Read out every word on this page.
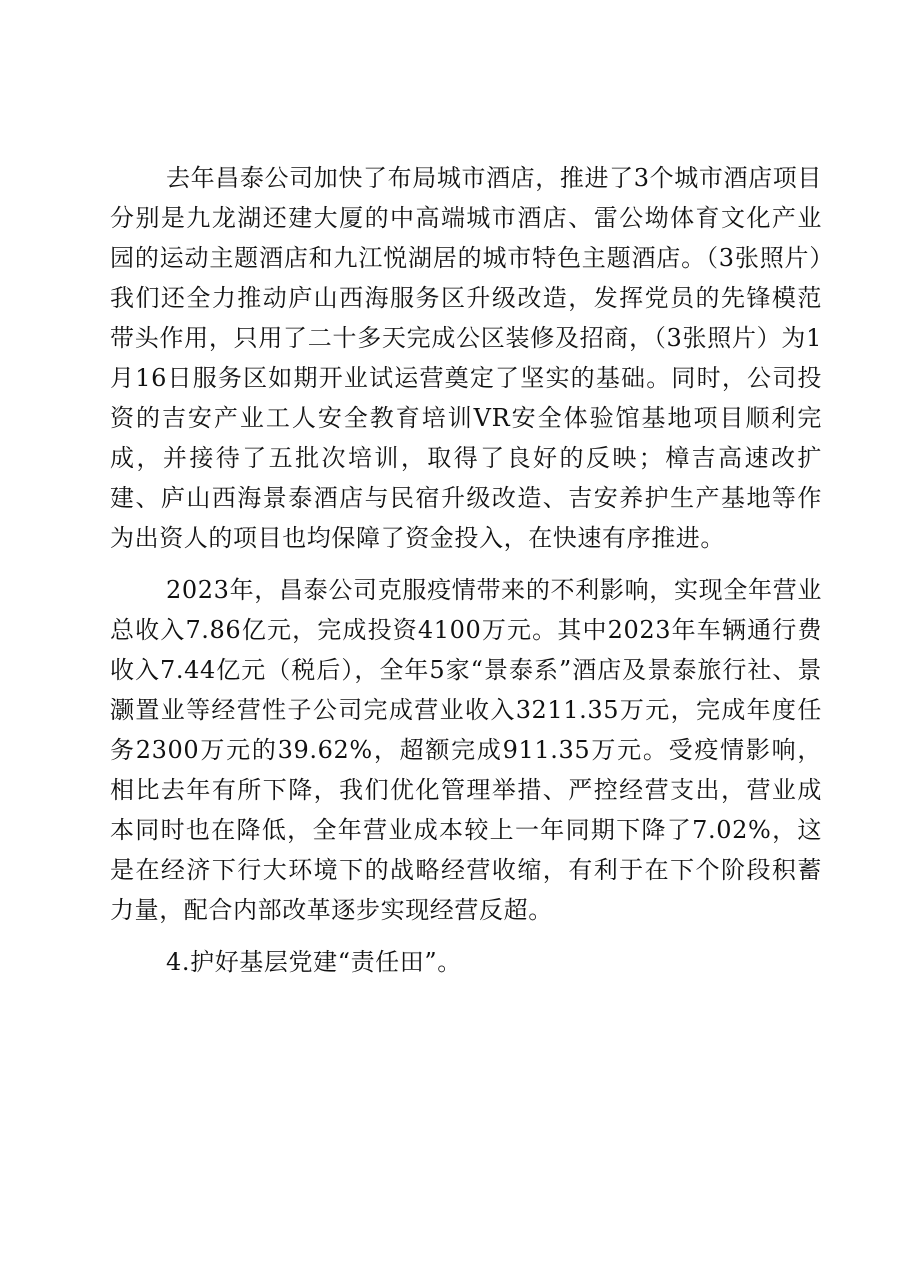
去年昌泰公司加快了布局城市酒店，推进了3个城市酒店项目分别是九龙湖还建大厦的中高端城市酒店、雷公坳体育文化产业园的运动主题酒店和九江悦湖居的城市特色主题酒店。（3张照片）我们还全力推动庐山西海服务区升级改造，发挥党员的先锋模范带头作用，只用了二十多天完成公区装修及招商，（3张照片）为1月16日服务区如期开业试运营奠定了坚实的基础。同时，公司投资的吉安产业工人安全教育培训VR安全体验馆基地项目顺利完成，并接待了五批次培训，取得了良好的反映；樟吉高速改扩建、庐山西海景泰酒店与民宿升级改造、吉安养护生产基地等作为出资人的项目也均保障了资金投入，在快速有序推进。

2023年，昌泰公司克服疫情带来的不利影响，实现全年营业总收入7.86亿元，完成投资4100万元。其中2023年车辆通行费收入7.44亿元（税后），全年5家“景泰系”酒店及景泰旅行社、景灏置业等经营性子公司完成营业收入3211.35万元，完成年度任务2300万元的39.62%，超额完成911.35万元。受疫情影响，相比去年有所下降，我们优化管理举措、严控经营支出，营业成本同时也在降低，全年营业成本较上一年同期下降了7.02%，这是在经济下行大环境下的战略经营收缩，有利于在下个阶段积蓄力量，配合内部改革逐步实现经营反超。

4.护好基层党建“责任田”。
